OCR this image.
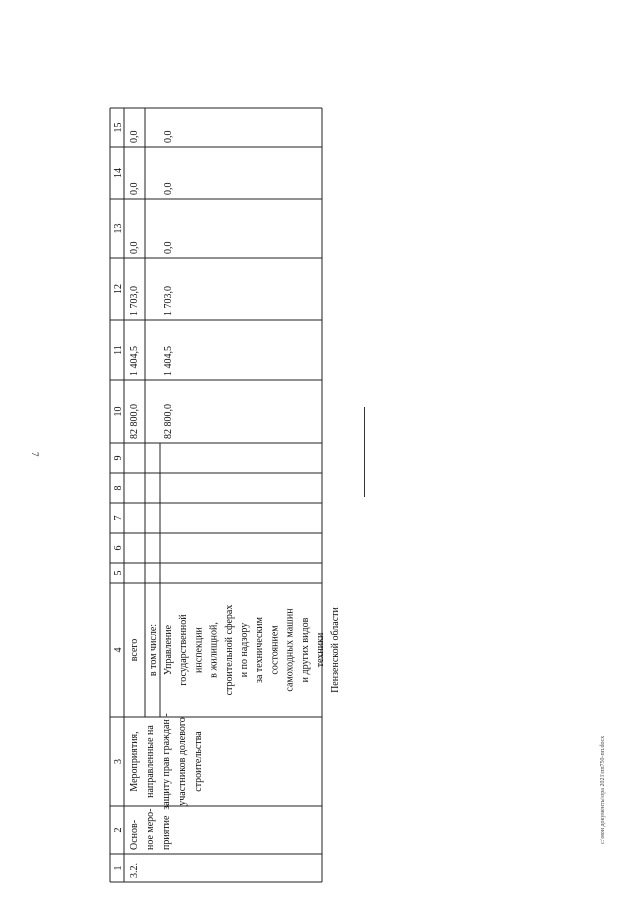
7
1
2
3
4
5
6
7
8
9
10
11
12
13
14
15
3.2.
Основ- ное меро- приятие
Мероприятия, направленные на защиту прав граждан - участников долевого строительства
всего в том числе: Управление государственной инспекции в жилищной, строительной сферах и по надзору за техническим состоянием самоходных машин и других видов техники Пензенской области
82 800,0 82 800,0
1 404,5 1 404,5
1 703,0 1 703,0
0,0 0,0
0,0 0,0
0,0 0,0
c:\мои документы\ора 2021\пп750-пп.docx
